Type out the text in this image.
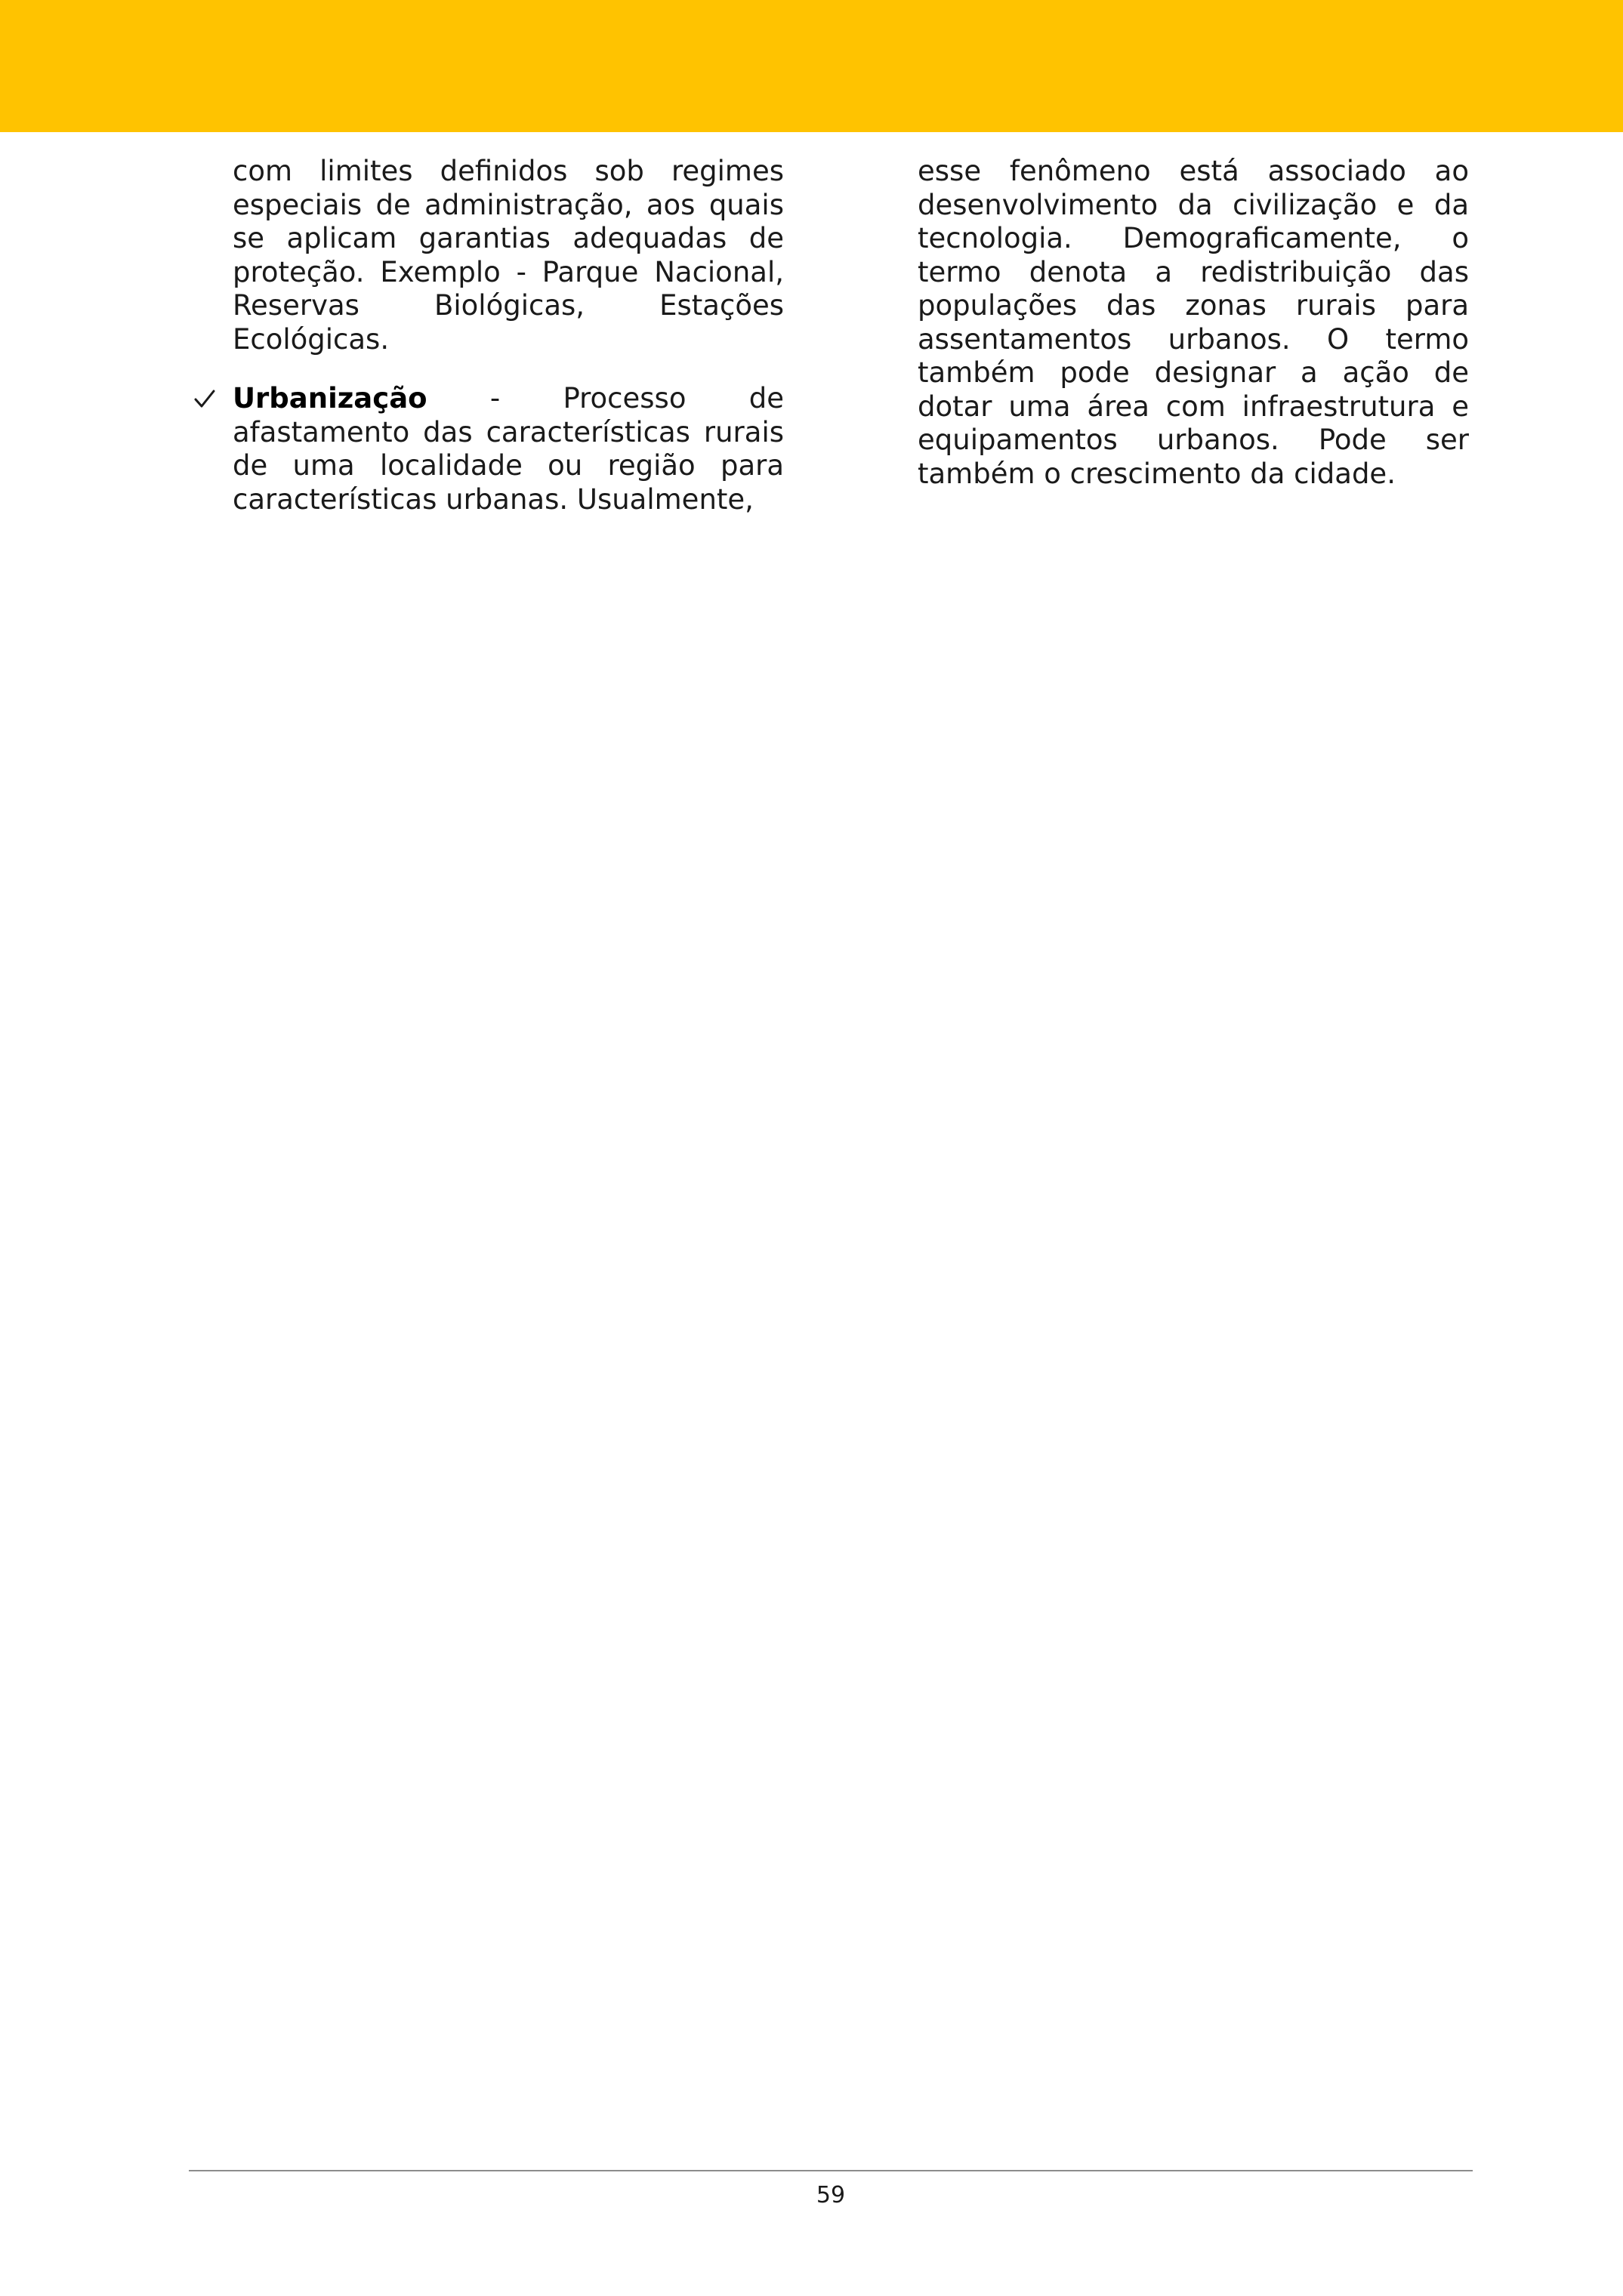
com limites definidos sob regimes especiais de administração, aos quais se aplicam garantias adequadas de proteção. Exemplo - Parque Nacional, Reservas Biológicas, Estações Ecológicas.

Urbanização - Processo de afastamento das características rurais de uma localidade ou região para características urbanas. Usualmente,

esse fenômeno está associado ao desenvolvimento da civilização e da tecnologia. Demograficamente, o termo denota a redistribuição das populações das zonas rurais para assentamentos urbanos. O termo também pode designar a ação de dotar uma área com infraestrutura e equipamentos urbanos. Pode ser também o crescimento da cidade.

59
